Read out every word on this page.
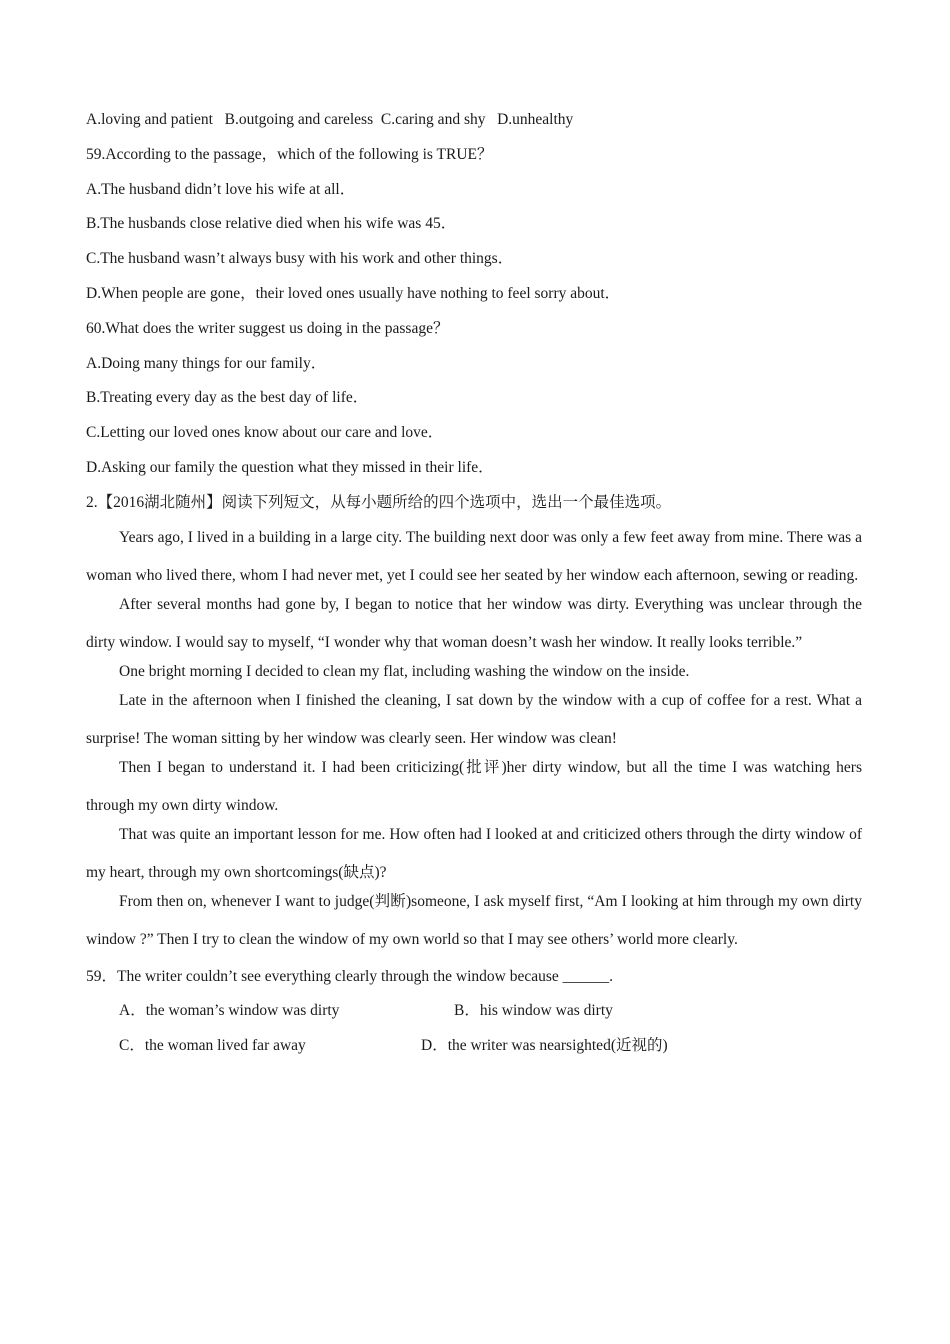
A.loving and patient   B.outgoing and careless  C.caring and shy   D.unhealthy
59.According to the passage，which of the following is TRUE？
A.The husband didn’t love his wife at all．
B.The husbands close relative died when his wife was 45．
C.The husband wasn’t always busy with his work and other things．
D.When people are gone，their loved ones usually have nothing to feel sorry about．
60.What does the writer suggest us doing in the passage？
A.Doing many things for our family．
B.Treating every day as the best day of life．
C.Letting our loved ones know about our care and love．
D.Asking our family the question what they missed in their life．
2.【2016湖北随州】阅读下列短文，从每小题所给的四个选项中，选出一个最佳选项。
Years ago, I lived in a building in a large city. The building next door was only a few feet away from mine. There was a woman who lived there, whom I had never met, yet I could see her seated by her window each afternoon, sewing or reading.
After several months had gone by, I began to notice that her window was dirty. Everything was unclear through the dirty window. I would say to myself, “I wonder why that woman doesn’t wash her window. It really looks terrible.”
One bright morning I decided to clean my flat, including washing the window on the inside.
Late in the afternoon when I finished the cleaning, I sat down by the window with a cup of coffee for a rest. What a surprise! The woman sitting by her window was clearly seen. Her window was clean!
Then I began to understand it. I had been criticizing(批评)her dirty window, but all the time I was watching hers through my own dirty window.
That was quite an important lesson for me. How often had I looked at and criticized others through the dirty window of my heart, through my own shortcomings(缺点)?
From then on, whenever I want to judge(判断)someone, I ask myself first, “Am I looking at him through my own dirty window ?” Then I try to clean the window of my own world so that I may see others’ world more clearly.
59．The writer couldn’t see everything clearly through the window because ______.
A．the woman’s window was dirty	B．his window was dirty
C．the woman lived far away	D．the writer was nearsighted(近视的)
